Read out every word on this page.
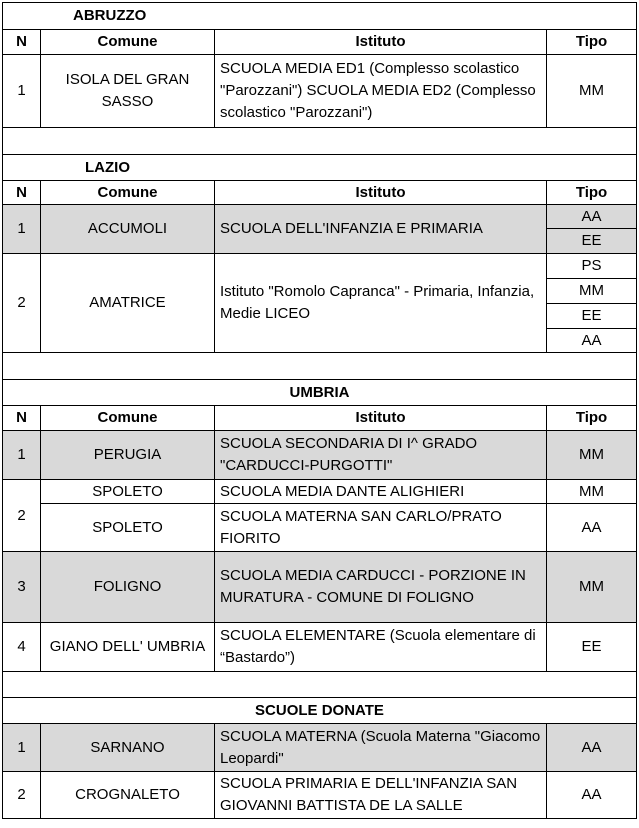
ABRUZZO			
N	Comune	Istituto	Tipo
1	ISOLA DEL GRAN SASSO	SCUOLA MEDIA ED1 (Complesso scolastico "Parozzani") SCUOLA MEDIA ED2 (Complesso scolastico "Parozzani")	MM

LAZIO			
N	Comune	Istituto	Tipo
1	ACCUMOLI	SCUOLA DELL'INFANZIA E PRIMARIA	AA
			EE
2	AMATRICE	Istituto "Romolo Capranca" - Primaria, Infanzia, Medie LICEO	PS
			MM
			EE
			AA

UMBRIA			
N	Comune	Istituto	Tipo
1	PERUGIA	SCUOLA SECONDARIA DI I^ GRADO "CARDUCCI-PURGOTTI"	MM
2	SPOLETO	SCUOLA MEDIA DANTE ALIGHIERI	MM
	SPOLETO	SCUOLA MATERNA SAN CARLO/PRATO FIORITO	AA
3	FOLIGNO	SCUOLA MEDIA CARDUCCI - PORZIONE IN MURATURA - COMUNE DI FOLIGNO	MM
4	GIANO DELL' UMBRIA	SCUOLA ELEMENTARE (Scuola elementare di “Bastardo”)	EE

SCUOLE DONATE			
1	SARNANO	SCUOLA MATERNA (Scuola Materna "Giacomo Leopardi"	AA
2	CROGNALETO	SCUOLA PRIMARIA E DELL'INFANZIA SAN GIOVANNI BATTISTA DE LA SALLE	AA
